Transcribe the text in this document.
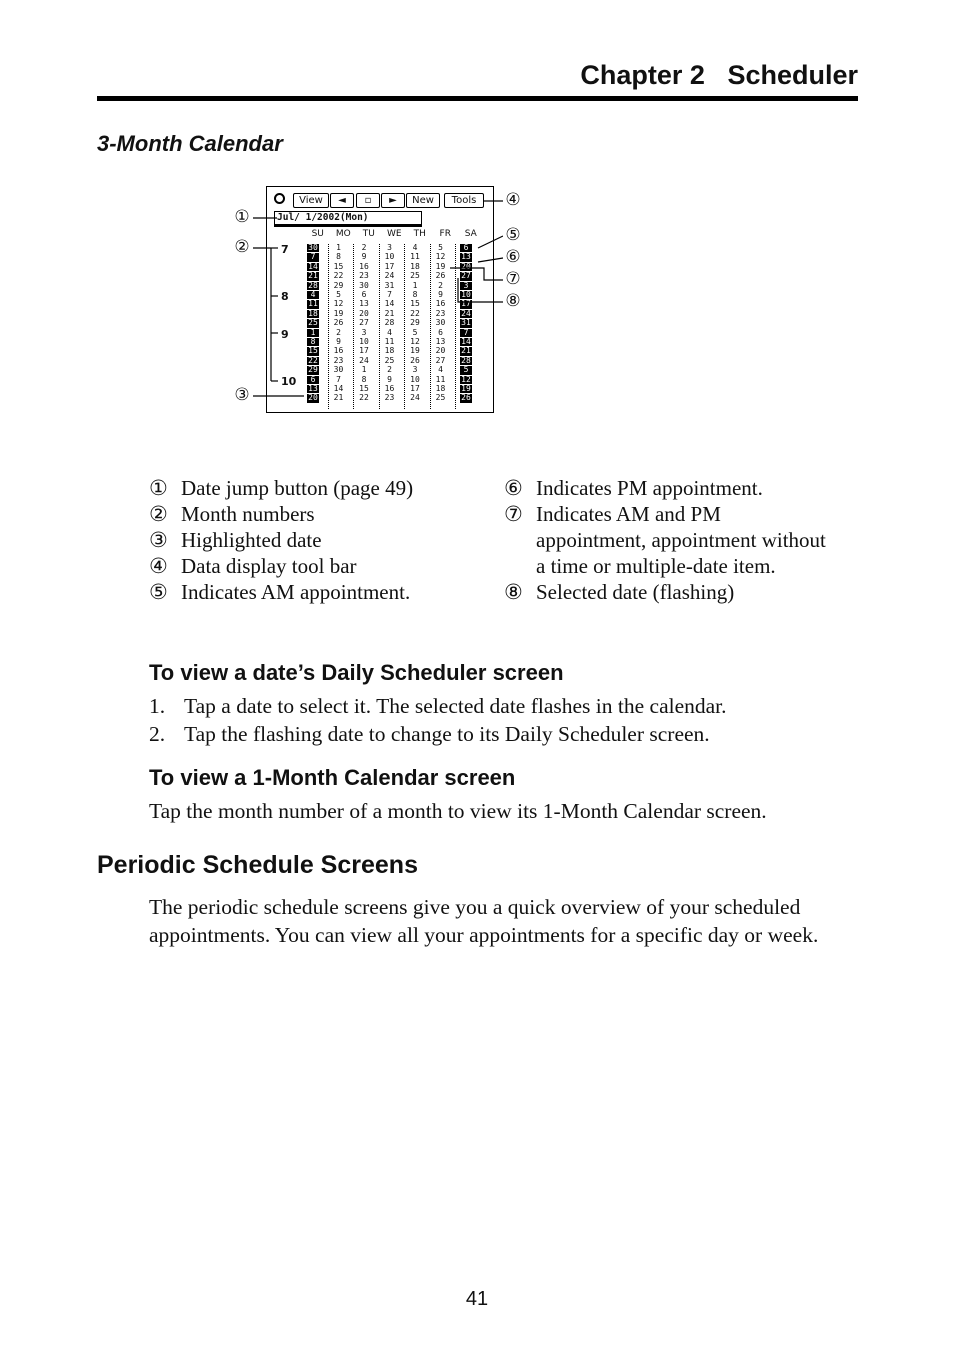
Chapter 2 Scheduler
3-Month Calendar
View	◄	▫	►	New	Tools
Jul/ 1/2002(Mon)
SU	MO	TU	WE	TH	FR	SA
7
8
9
10
30	1	2	3	4	5	6
7	8	9	10 11 12 13
14 15 16 17 18 19 20
21 22 23 24 25 26 27
28 29 30 31	1	2	3
4	5	6	7	8	9	10
11 12 13 14 15 16 17
18 19 20 21 22 23 24
25 26 27 28 29 30 31
1	2	3	4	5	6	7
8	9	10 11 12 13 14
15 16 17 18 19 20 21
22 23 24 25 26 27 28
29 30	1	2	3	4	5
6	7	8	9	10 11 12
13 14 15 16 17 18 19
20 21 22 23 24 25 26
①
②
③
④
⑤
⑥
⑦
⑧
① Date jump button (page 49)
② Month numbers
③ Highlighted date
④ Data display tool bar
⑤ Indicates AM appointment.
⑥ Indicates PM appointment.
⑦ Indicates AM and PM
appointment, appointment without
a time or multiple-date item.
⑧ Selected date (flashing)
To view a date’s Daily Scheduler screen
1. Tap a date to select it. The selected date flashes in the calendar.
2. Tap the flashing date to change to its Daily Scheduler screen.
To view a 1-Month Calendar screen
Tap the month number of a month to view its 1-Month Calendar screen.
Periodic Schedule Screens
The periodic schedule screens give you a quick overview of your scheduled
appointments. You can view all your appointments for a specific day or week.
41
